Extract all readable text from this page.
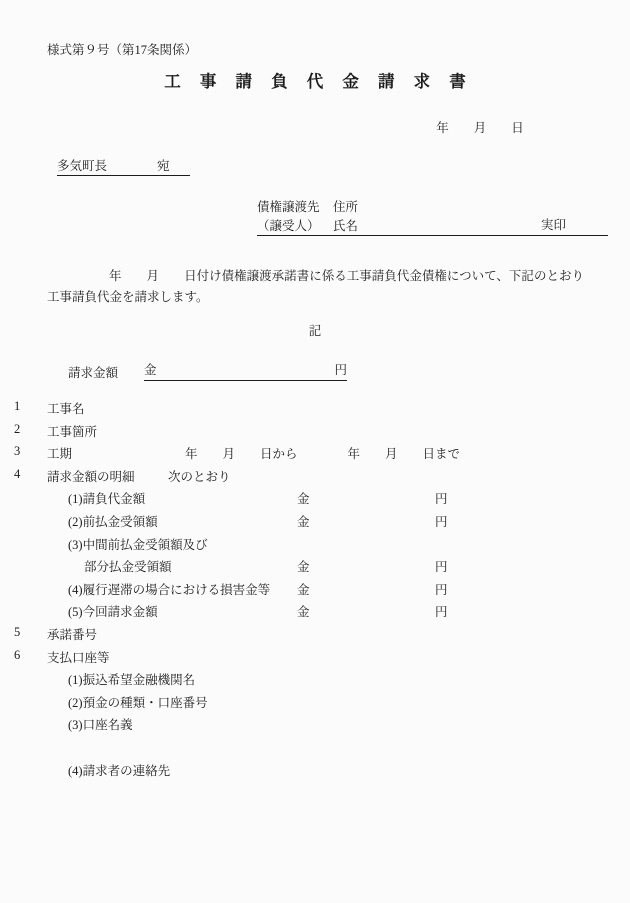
様式第９号（第17条関係）
工 事 請 負 代 金 請 求 書
年　　月　　日
多気町長　　　　宛
債権譲渡先	住所
（譲受人）	氏名	実印
年　　月　　日付け債権譲渡承諾書に係る工事請負代金債権について、下記のとおり工事請負代金を請求します。
記
請求金額	金	円
1	工事名
2	工事箇所
3	工期	年　　月　　日から　　　　年　　月　　日まで
4	請求金額の明細	次のとおり
(1)請負代金額	金	円
(2)前払金受領額	金	円
(3)中間前払金受領額及び
部分払金受領額	金	円
(4)履行遅滞の場合における損害金等 金	円
(5)今回請求金額	金	円
5	承諾番号
6	支払口座等
(1)振込希望金融機関名
(2)預金の種類・口座番号
(3)口座名義
(4)請求者の連絡先
